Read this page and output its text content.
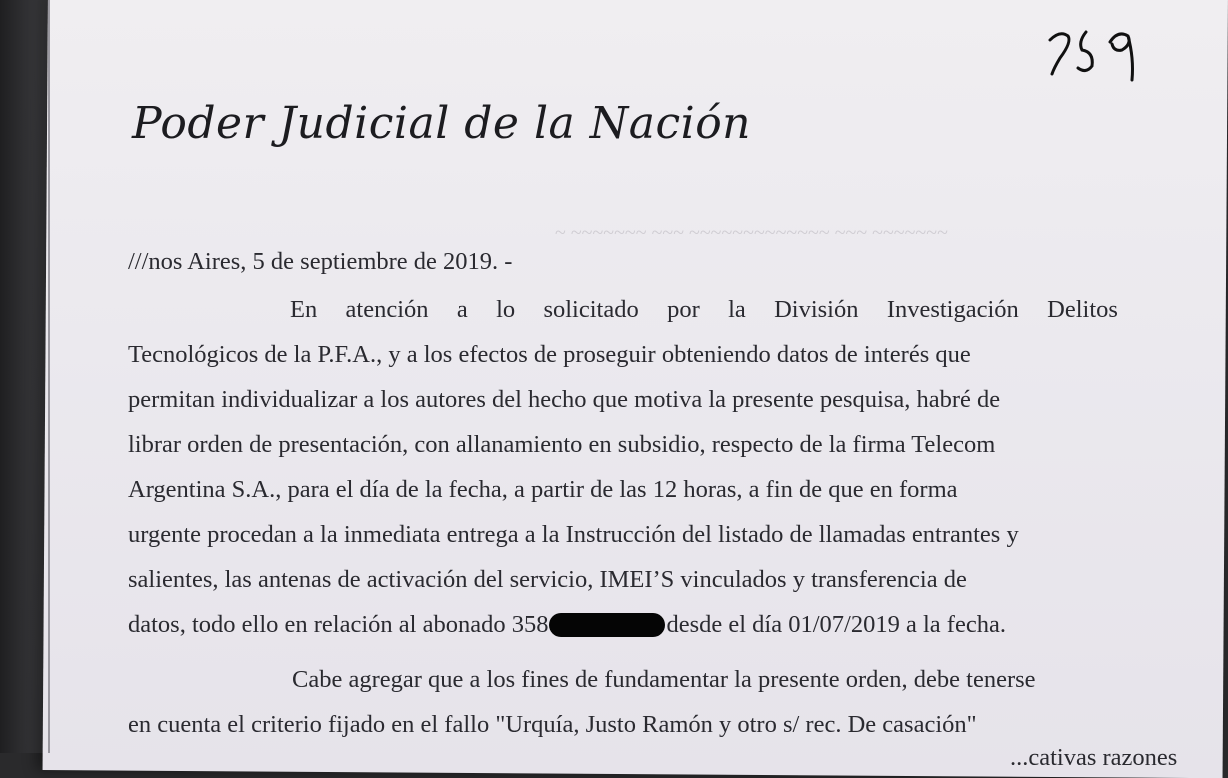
Poder Judicial de la Nación
~ ~~~~~~~ ~~~ ~~~~~~~~~~~~~ ~~~ ~~~~~~~
///nos Aires, 5 de septiembre de 2019. -
En atención a lo solicitado por la División Investigación Delitos
Tecnológicos de la P.F.A., y a los efectos de proseguir obteniendo datos de interés que
permitan individualizar a los autores del hecho que motiva la presente pesquisa, habré de
librar orden de presentación, con allanamiento en subsidio, respecto de la firma Telecom
Argentina S.A., para el día de la fecha, a partir de las 12 horas, a fin de que en forma
urgente procedan a la inmediata entrega a la Instrucción del listado de llamadas entrantes y
salientes, las antenas de activación del servicio, IMEI’S vinculados y transferencia de
datos, todo ello en relación al abonado 358	desde el día 01/07/2019 a la fecha.
Cabe agregar que a los fines de fundamentar la presente orden, debe tenerse
en cuenta el criterio fijado en el fallo "Urquía, Justo Ramón y otro s/ rec. De casación"
